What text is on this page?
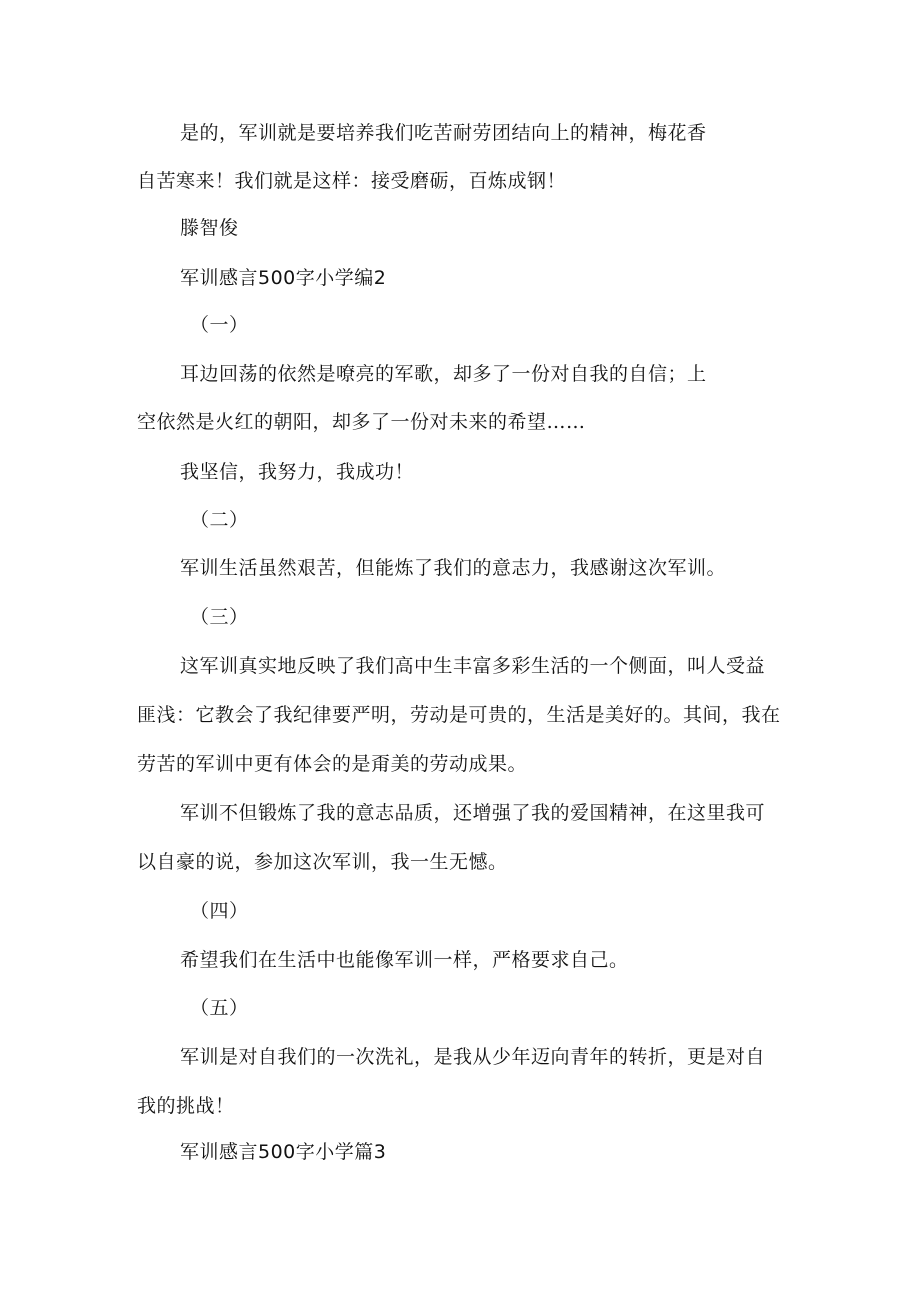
是的，军训就是要培养我们吃苦耐劳团结向上的精神，梅花香
自苦寒来！我们就是这样：接受磨砺，百炼成钢！
滕智俊
军训感言500字小学编2
（一）
耳边回荡的依然是嘹亮的军歌，却多了一份对自我的自信；上
空依然是火红的朝阳，却多了一份对未来的希望……
我坚信，我努力，我成功！
（二）
军训生活虽然艰苦，但能炼了我们的意志力，我感谢这次军训。
（三）
这军训真实地反映了我们高中生丰富多彩生活的一个侧面，叫人受益
匪浅：它教会了我纪律要严明，劳动是可贵的，生活是美好的。其间，我在
劳苦的军训中更有体会的是甭美的劳动成果。
军训不但锻炼了我的意志品质，还增强了我的爱国精神，在这里我可
以自豪的说，参加这次军训，我一生无憾。
（四）
希望我们在生活中也能像军训一样，严格要求自己。
（五）
军训是对自我们的一次洗礼，是我从少年迈向青年的转折，更是对自
我的挑战！
军训感言500字小学篇3
